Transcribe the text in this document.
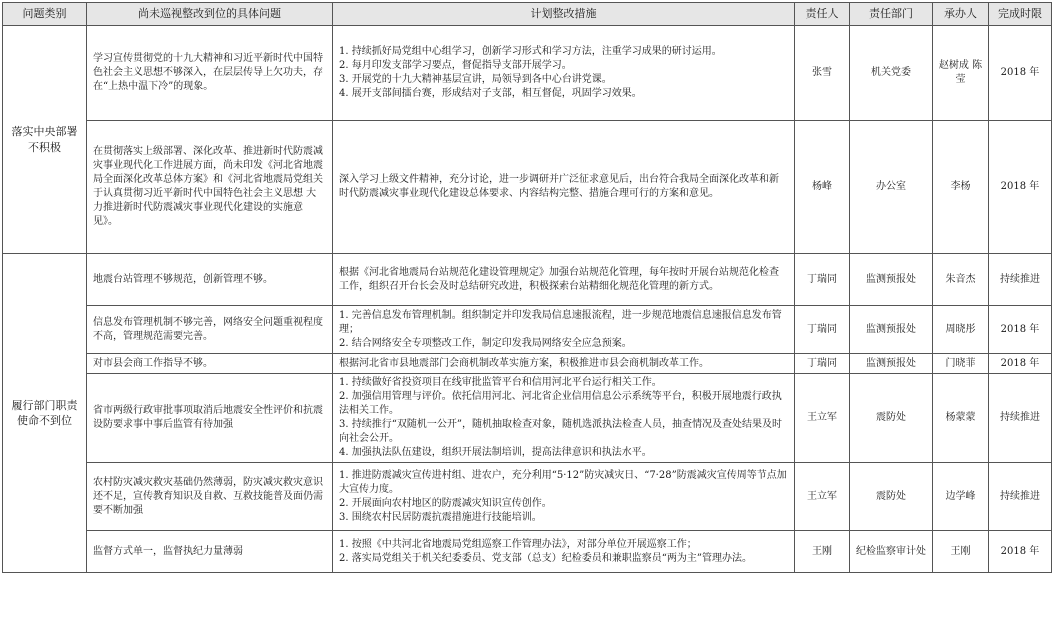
问题类别	尚未巡视整改到位的具体问题	计划整改措施	责任人	责任部门	承办人	完成时限
落实中央部署不积极	学习宣传贯彻党的十九大精神和习近平新时代中国特色社会主义思想不够深入，在层层传导上欠功夫，存在“上热中温下冷”的现象。	1. 持续抓好局党组中心组学习，创新学习形式和学习方法，注重学习成果的研讨运用。
2. 每月印发支部学习要点，督促指导支部开展学习。
3. 开展党的十九大精神基层宣讲，局领导到各中心台讲党课。
4. 展开支部间擂台赛，形成结对子支部，相互督促，巩固学习效果。	张雪	机关党委	赵树成 陈莹	2018 年
	在贯彻落实上级部署、深化改革、推进新时代防震减灾事业现代化工作进展方面，尚未印发《河北省地震局全面深化改革总体方案》和《河北省地震局党组关于认真贯彻习近平新时代中国特色社会主义思想 大力推进新时代防震减灾事业现代化建设的实施意见》。	深入学习上级文件精神，充分讨论，进一步调研并广泛征求意见后，出台符合我局全面深化改革和新时代防震减灾事业现代化建设总体要求、内容结构完整、措施合理可行的方案和意见。	杨峰	办公室	李杨	2018 年
履行部门职责使命不到位	地震台站管理不够规范，创新管理不够。	根据《河北省地震局台站规范化建设管理规定》加强台站规范化管理，每年按时开展台站规范化检查工作，组织召开台长会及时总结研究改进，积极探索台站精细化规范化管理的新方式。	丁瑞同	监测预报处	朱音杰	持续推进
	信息发布管理机制不够完善，网络安全问题重视程度不高，管理规范需要完善。	1. 完善信息发布管理机制。组织制定并印发我局信息速报流程，进一步规范地震信息速报信息发布管理；
2. 结合网络安全专项整改工作，制定印发我局网络安全应急预案。	丁瑞同	监测预报处	周晓彤	2018 年
	对市县会商工作指导不够。	根据河北省市县地震部门会商机制改革实施方案，积极推进市县会商机制改革工作。	丁瑞同	监测预报处	门晓菲	2018 年
	省市两级行政审批事项取消后地震安全性评价和抗震设防要求事中事后监管有待加强	1. 持续做好省投资项目在线审批监管平台和信用河北平台运行相关工作。
2. 加强信用管理与评价。依托信用河北、河北省企业信用信息公示系统等平台，积极开展地震行政执法相关工作。
3. 持续推行“双随机一公开”，随机抽取检查对象，随机选派执法检查人员，抽查情况及查处结果及时向社会公开。
4. 加强执法队伍建设，组织开展法制培训，提高法律意识和执法水平。	王立军	震防处	杨蒙蒙	持续推进
	农村防灾减灾救灾基础仍然薄弱，防灾减灾救灾意识还不足，宣传教育知识及自救、互救技能普及面仍需要不断加强	1. 推进防震减灾宣传进村组、进农户，充分利用“5·12”防灾减灾日、“7·28”防震减灾宣传周等节点加大宣传力度。
2. 开展面向农村地区的防震减灾知识宣传创作。
3. 围绕农村民居防震抗震措施进行技能培训。	王立军	震防处	边学峰	持续推进
	监督方式单一，监督执纪力量薄弱	1. 按照《中共河北省地震局党组巡察工作管理办法》，对部分单位开展巡察工作；
2. 落实局党组关于机关纪委委员、党支部（总支）纪检委员和兼职监察员“两为主”管理办法。	王刚	纪检监察审计处	王刚	2018 年
